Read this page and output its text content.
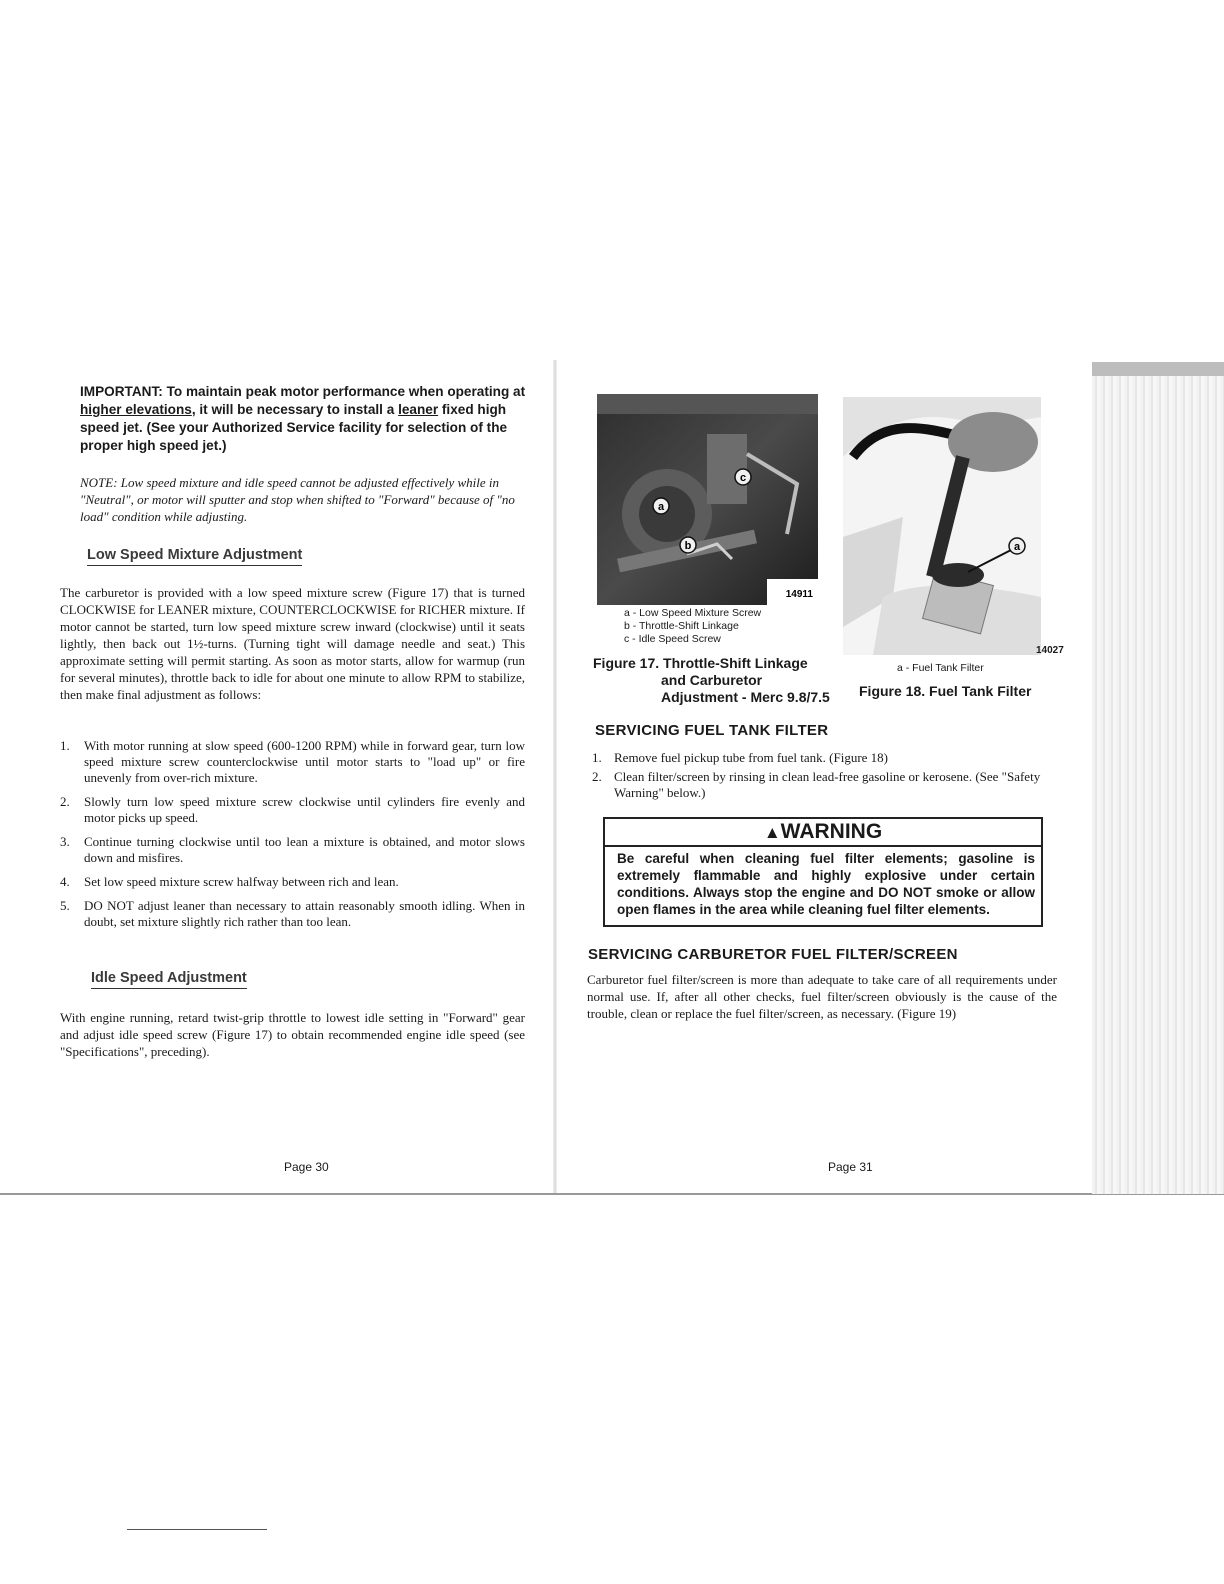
IMPORTANT: To maintain peak motor performance when operating at higher elevations, it will be necessary to install a leaner fixed high speed jet. (See your Authorized Service facility for selection of the proper high speed jet.)
NOTE: Low speed mixture and idle speed cannot be adjusted effectively while in "Neutral", or motor will sputter and stop when shifted to "Forward" because of "no load" condition while adjusting.
Low Speed Mixture Adjustment
The carburetor is provided with a low speed mixture screw (Figure 17) that is turned CLOCKWISE for LEANER mixture, COUNTERCLOCKWISE for RICHER mixture. If motor cannot be started, turn low speed mixture screw inward (clockwise) until it seats lightly, then back out 1½-turns. (Turning tight will damage needle and seat.) This approximate setting will permit starting. As soon as motor starts, allow for warmup (run for several minutes), throttle back to idle for about one minute to allow RPM to stabilize, then make final adjustment as follows:
1. With motor running at slow speed (600-1200 RPM) while in forward gear, turn low speed mixture screw counterclockwise until motor starts to "load up" or fire unevenly from over-rich mixture.
2. Slowly turn low speed mixture screw clockwise until cylinders fire evenly and motor picks up speed.
3. Continue turning clockwise until too lean a mixture is obtained, and motor slows down and misfires.
4. Set low speed mixture screw halfway between rich and lean.
5. DO NOT adjust leaner than necessary to attain reasonably smooth idling. When in doubt, set mixture slightly rich rather than too lean.
Idle Speed Adjustment
With engine running, retard twist-grip throttle to lowest idle setting in "Forward" gear and adjust idle speed screw (Figure 17) to obtain recommended engine idle speed (see "Specifications", preceding).
Page 30
a
b
c
14911
a - Low Speed Mixture Screw
b - Throttle-Shift Linkage
c - Idle Speed Screw
Figure 17. Throttle-Shift Linkage
and Carburetor Adjustment - Merc 9.8/7.5
a
14027
a - Fuel Tank Filter
Figure 18. Fuel Tank Filter
SERVICING FUEL TANK FILTER
1. Remove fuel pickup tube from fuel tank. (Figure 18)
2. Clean filter/screen by rinsing in clean lead-free gasoline or kerosene. (See "Safety Warning" below.)
▲WARNING
Be careful when cleaning fuel filter elements; gasoline is extremely flammable and highly explosive under certain conditions. Always stop the engine and DO NOT smoke or allow open flames in the area while cleaning fuel filter elements.
SERVICING CARBURETOR FUEL FILTER/SCREEN
Carburetor fuel filter/screen is more than adequate to take care of all requirements under normal use. If, after all other checks, fuel filter/screen obviously is the cause of the trouble, clean or replace the fuel filter/screen, as necessary. (Figure 19)
Page 31
